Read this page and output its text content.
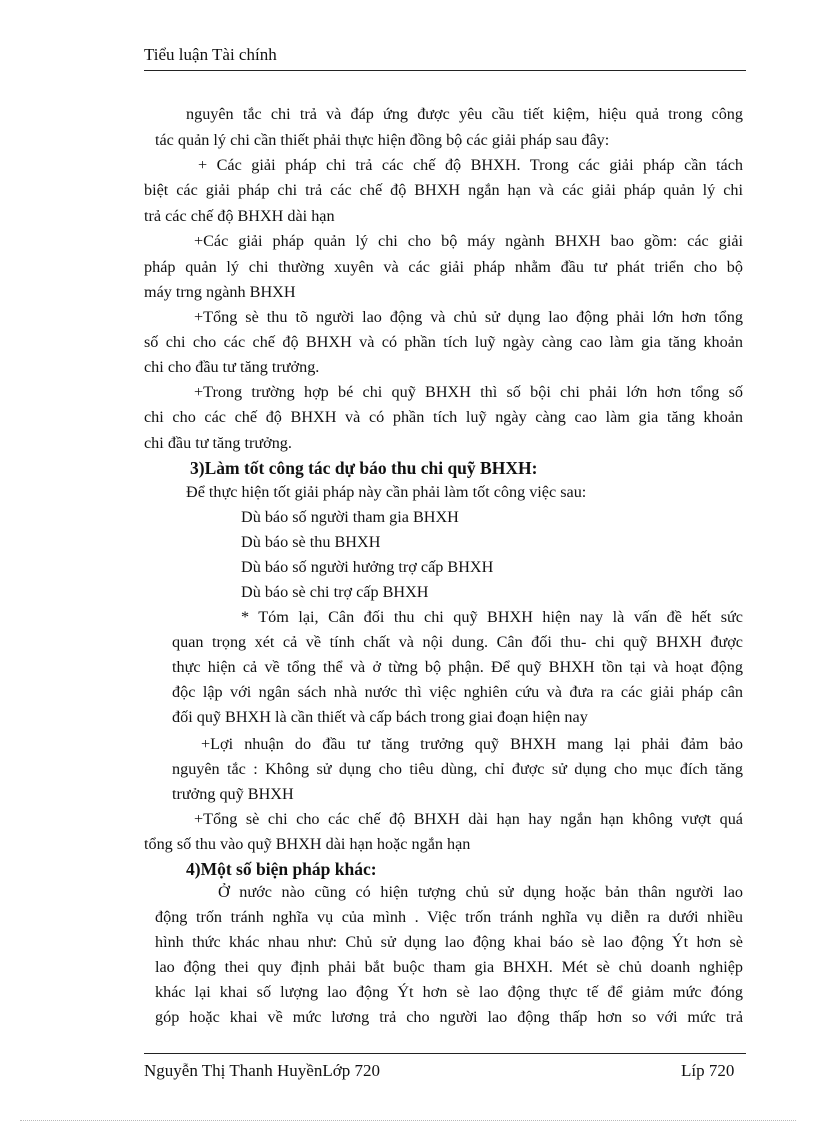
Tiểu luận Tài chính
nguyên tắc chi trả và đáp ứng được yêu cầu tiết kiệm, hiệu quả trong công
tác quản lý chi cần thiết phải thực hiện đồng bộ các giải pháp sau đây:
+ Các giải pháp chi trả các chế độ BHXH. Trong các giải pháp cần tách
biệt các giải pháp chi trả các chế độ BHXH ngắn hạn và các giải pháp quản lý chi
trả các chế độ BHXH dài hạn
+Các giải pháp quản lý chi cho bộ máy ngành BHXH bao gồm: các giải
pháp quản lý chi thường xuyên và các giải pháp nhằm đầu tư phát triển cho bộ
máy trng ngành BHXH
+Tổng sè thu tõ người lao động và chủ sử dụng lao động phải lớn hơn tổng
số chi cho các chế độ BHXH và có phần tích luỹ ngày càng cao làm gia tăng khoản
chi cho đầu tư tăng trưởng.
+Trong trường hợp bé chi quỹ BHXH thì số bội chi phải lớn hơn tổng số
chi cho các chế độ BHXH và có phần tích luỹ ngày càng cao làm gia tăng khoản
chi đầu tư tăng trưởng.
3)Làm tốt công tác dự báo thu chi quỹ BHXH:
Để thực hiện tốt giải pháp này cần phải làm tốt công việc sau:
Dù báo số người tham gia BHXH
Dù báo sè thu BHXH
Dù báo số người hưởng trợ cấp BHXH
Dù báo sè chi trợ cấp BHXH
* Tóm lại, Cân đối thu chi quỹ BHXH hiện nay là vấn đề hết sức
quan trọng xét cả về tính chất và nội dung. Cân đối thu- chi quỹ BHXH được
thực hiện cả về tổng thể và ở từng bộ phận. Để quỹ BHXH tồn tại và hoạt động
độc lập với ngân sách nhà nước thì việc nghiên cứu và đưa ra các giải pháp cân
đối quỹ BHXH là cần thiết và cấp bách trong giai đoạn hiện nay
+Lợi nhuận do đầu tư tăng trưởng quỹ BHXH mang lại phải đảm bảo
nguyên tắc : Không sử dụng cho tiêu dùng, chỉ được sử dụng cho mục đích tăng
trưởng quỹ BHXH
+Tổng sè chi cho các chế độ BHXH dài hạn hay ngắn hạn không vượt quá
tổng số thu vào quỹ BHXH dài hạn hoặc ngắn hạn
4)Một số biện pháp khác:
Ở nước nào cũng có hiện tượng chủ sử dụng hoặc bản thân người lao
động trốn tránh nghĩa vụ của mình . Việc trốn tránh nghĩa vụ diễn ra dưới nhiều
hình thức khác nhau như: Chủ sử dụng lao động khai báo sè lao động Ýt hơn sè
lao động thei quy định phải bắt buộc tham gia BHXH. Mét sè chủ doanh nghiệp
khác lại khai số lượng lao động Ýt hơn sè lao động thực tế để giảm mức đóng
góp hoặc khai về mức lương trả cho người lao động thấp hơn so với mức trả
Nguyễn Thị Thanh HuyềnLớp 720	Líp 720
